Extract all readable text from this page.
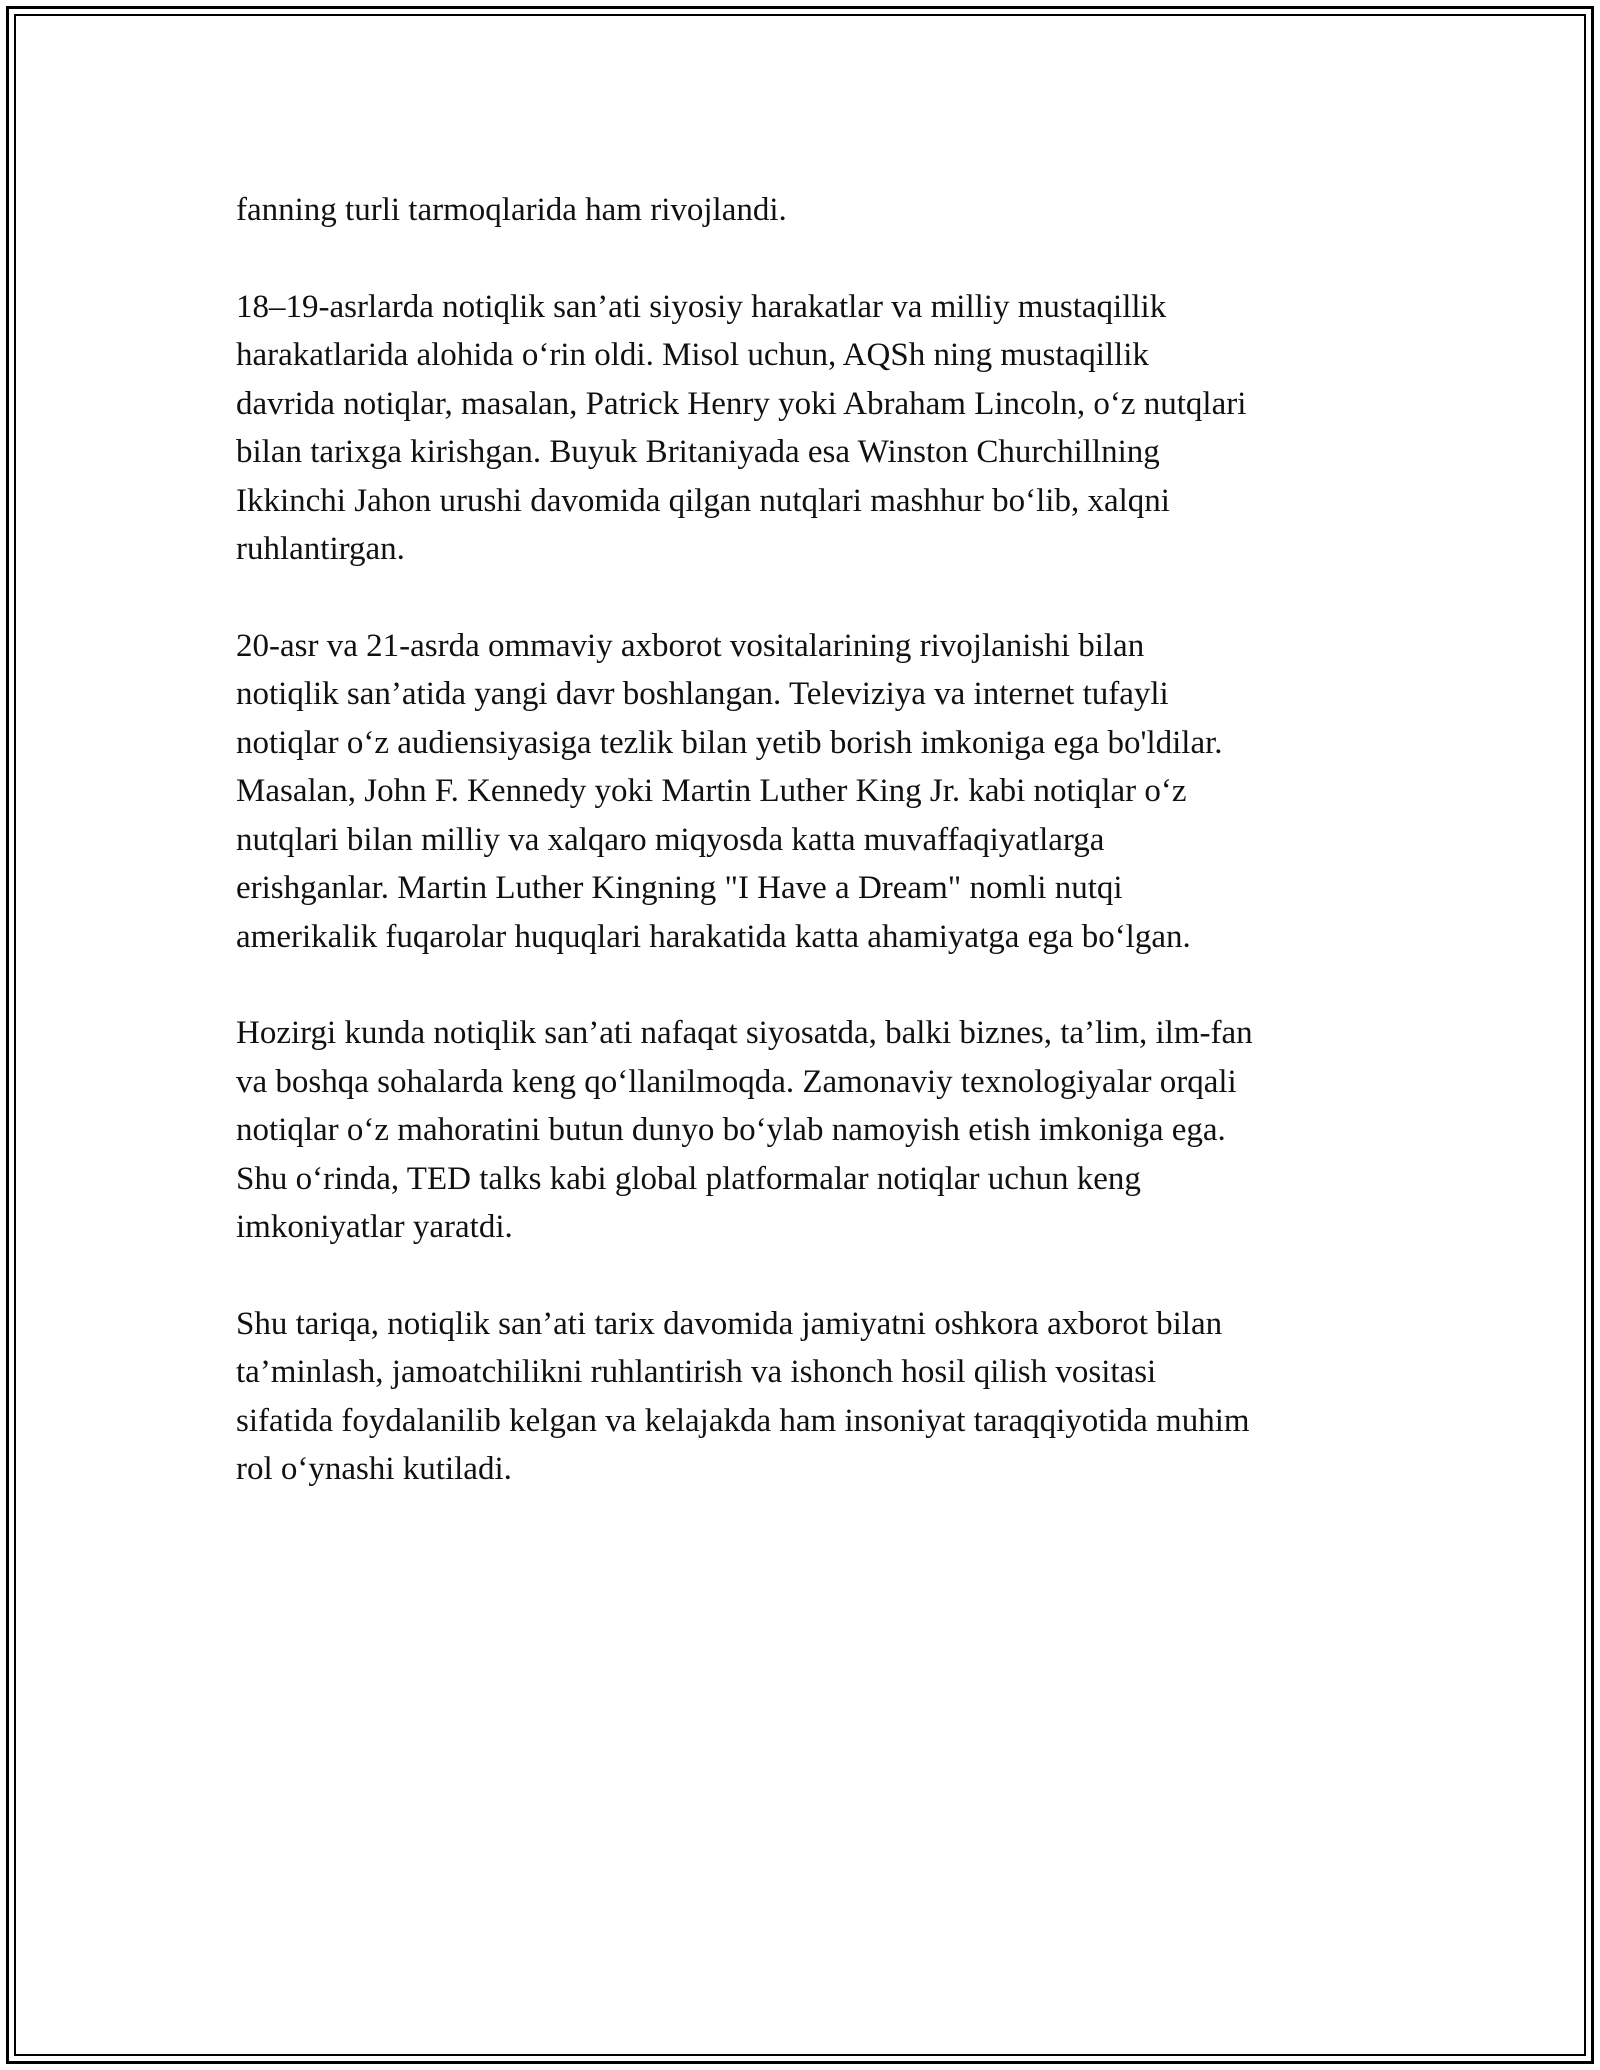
fanning turli tarmoqlarida ham rivojlandi.

18–19-asrlarda notiqlik san’ati siyosiy harakatlar va milliy mustaqillik
harakatlarida alohida o‘rin oldi. Misol uchun, AQSh ning mustaqillik
davrida notiqlar, masalan, Patrick Henry yoki Abraham Lincoln, o‘z nutqlari
bilan tarixga kirishgan. Buyuk Britaniyada esa Winston Churchillning
Ikkinchi Jahon urushi davomida qilgan nutqlari mashhur bo‘lib, xalqni
ruhlantirgan.

20-asr va 21-asrda ommaviy axborot vositalarining rivojlanishi bilan
notiqlik san’atida yangi davr boshlangan. Televiziya va internet tufayli
notiqlar o‘z audiensiyasiga tezlik bilan yetib borish imkoniga ega bo'ldilar.
Masalan, John F. Kennedy yoki Martin Luther King Jr. kabi notiqlar o‘z
nutqlari bilan milliy va xalqaro miqyosda katta muvaffaqiyatlarga
erishganlar. Martin Luther Kingning "I Have a Dream" nomli nutqi
amerikalik fuqarolar huquqlari harakatida katta ahamiyatga ega bo‘lgan.

Hozirgi kunda notiqlik san’ati nafaqat siyosatda, balki biznes, ta’lim, ilm-fan
va boshqa sohalarda keng qo‘llanilmoqda. Zamonaviy texnologiyalar orqali
notiqlar o‘z mahoratini butun dunyo bo‘ylab namoyish etish imkoniga ega.
Shu o‘rinda, TED talks kabi global platformalar notiqlar uchun keng
imkoniyatlar yaratdi.

Shu tariqa, notiqlik san’ati tarix davomida jamiyatni oshkora axborot bilan
ta’minlash, jamoatchilikni ruhlantirish va ishonch hosil qilish vositasi
sifatida foydalanilib kelgan va kelajakda ham insoniyat taraqqiyotida muhim
rol o‘ynashi kutiladi.
